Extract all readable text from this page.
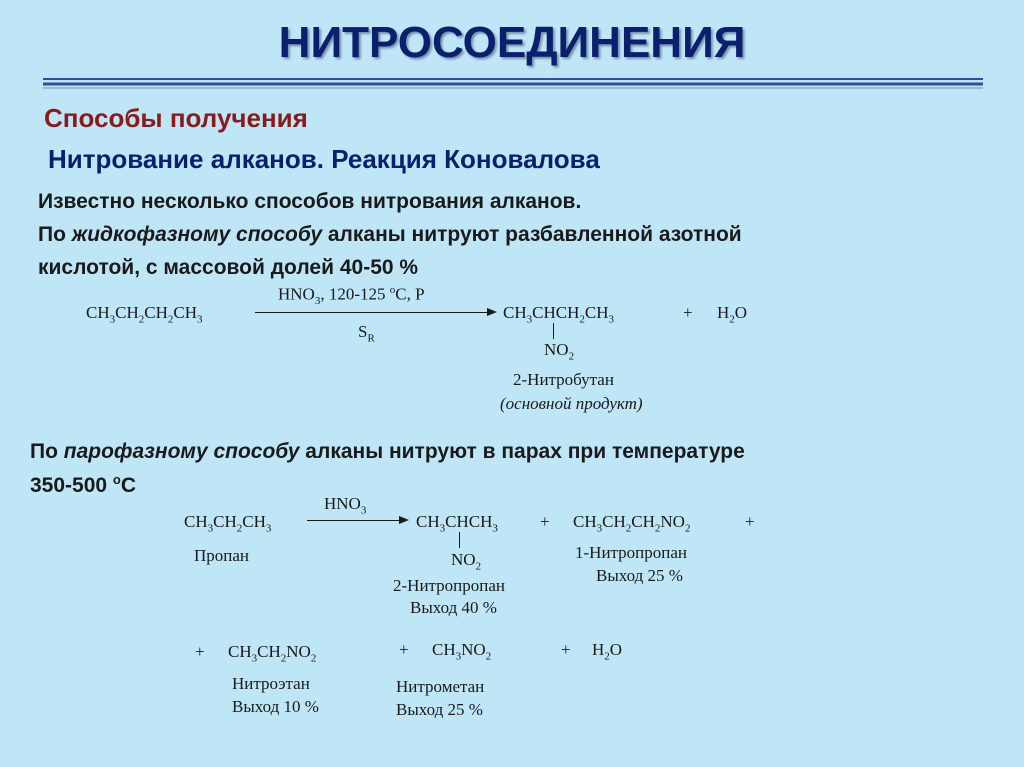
НИТРОСОЕДИНЕНИЯ
Способы получения
Нитрование алканов. Реакция Коновалова
Известно несколько способов нитрования алканов.
По жидкофазному способу алканы нитруют разбавленной азотной
кислотой, с массовой долей 40-50 %
$CH_3CH_2CH_2CH_3$
$HNO_3$, 120-125 $^o$C, P
$S_R$
$CH_3CHCH_2CH_3$	+ $H_2O$
$NO_2$
2-Нитробутан
(основной продукт)
По парофазному способу алканы нитруют в парах при температуре
350-500 $^o$C
$CH_3CH_2CH_3$
Пропан
$HNO_3$
$CH_3CHCH_3$
$NO_2$
2-Нитропропан
Выход 40 %
+ $CH_3CH_2CH_2NO_2$	+
1-Нитропропан
Выход 25 %
+ $CH_3CH_2NO_2$
Нитроэтан
Выход 10 %
+ $CH_3NO_2$
Нитрометан
Выход 25 %
+ $H_2O$
